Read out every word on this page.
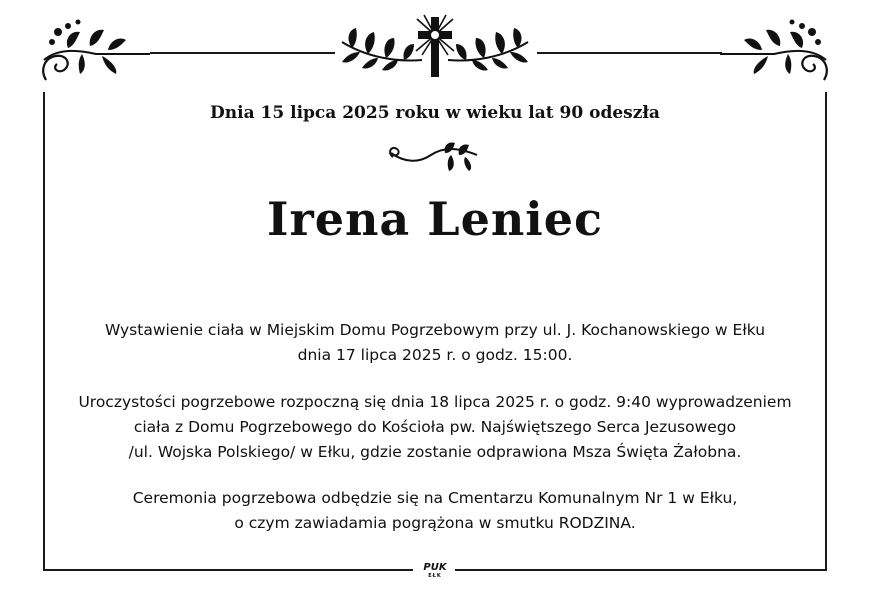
Dnia 15 lipca 2025 roku w wieku lat 90 odeszła
Irena Leniec
Wystawienie ciała w Miejskim Domu Pogrzebowym przy ul. J. Kochanowskiego w Ełku
dnia 17 lipca 2025 r. o godz. 15:00.
Uroczystości pogrzebowe rozpoczną się dnia 18 lipca 2025 r. o godz. 9:40 wyprowadzeniem
ciała z Domu Pogrzebowego do Kościoła pw. Najświętszego Serca Jezusowego
/ul. Wojska Polskiego/ w Ełku, gdzie zostanie odprawiona Msza Święta Żałobna.
Ceremonia pogrzebowa odbędzie się na Cmentarzu Komunalnym Nr 1 w Ełku,
o czym zawiadamia pogrążona w smutku RODZINA.
PUK
EŁK
